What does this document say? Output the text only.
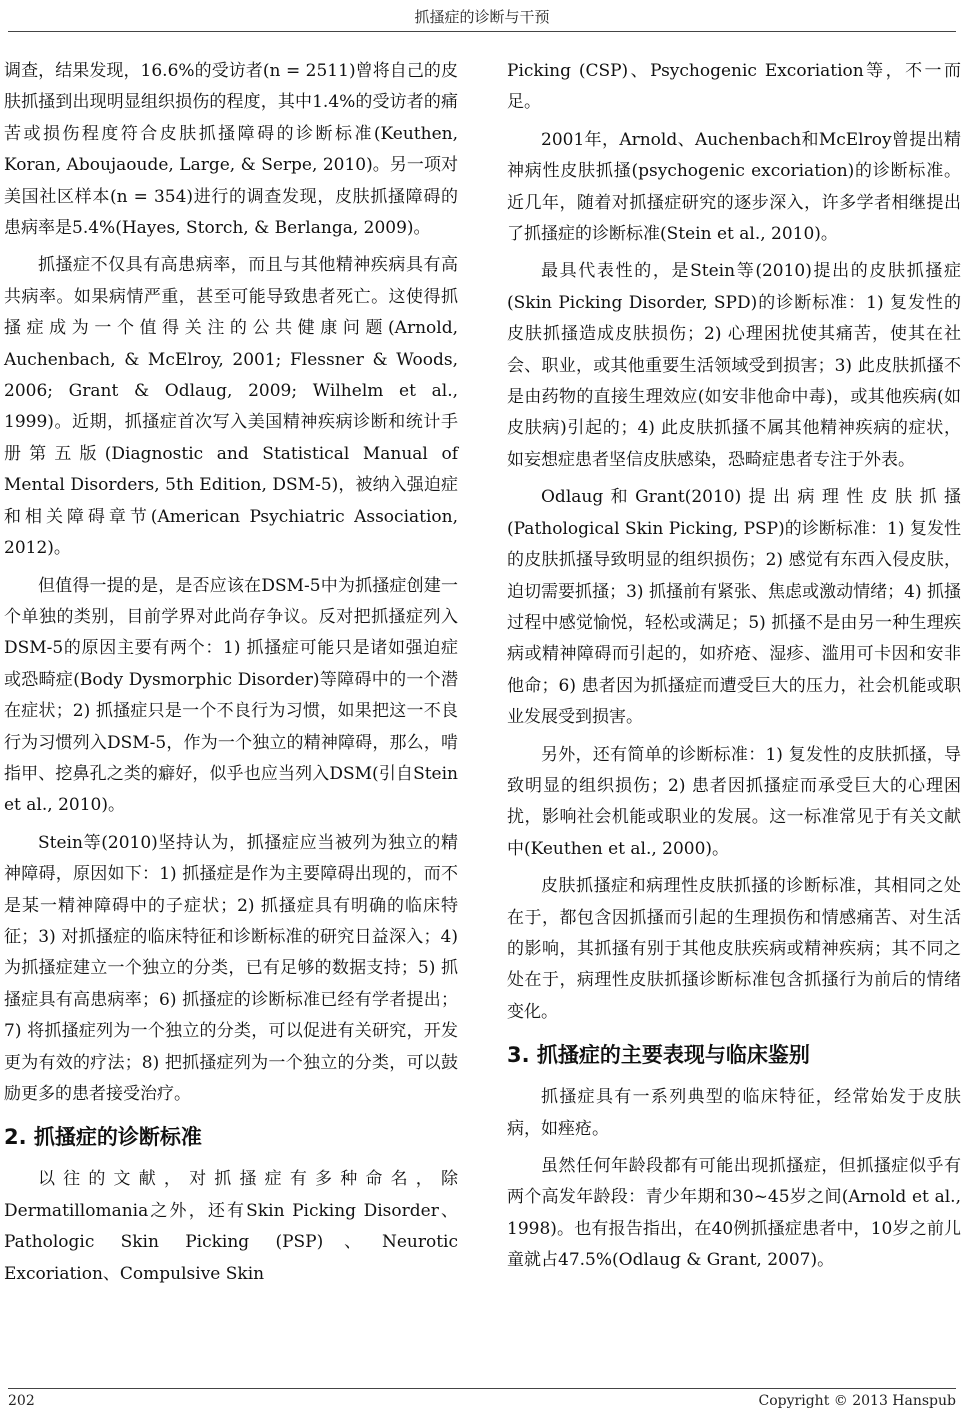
抓搔症的诊断与干预

调查，结果发现，16.6%的受访者(n = 2511)曾将自己的皮肤抓搔到出现明显组织损伤的程度，其中1.4%的受访者的痛苦或损伤程度符合皮肤抓搔障碍的诊断标准(Keuthen, Koran, Aboujaoude, Large, & Serpe, 2010)。另一项对美国社区样本(n = 354)进行的调查发现，皮肤抓搔障碍的患病率是5.4%(Hayes, Storch, & Berlanga, 2009)。

抓搔症不仅具有高患病率，而且与其他精神疾病具有高共病率。如果病情严重，甚至可能导致患者死亡。这使得抓搔症成为一个值得关注的公共健康问题(Arnold, Auchenbach, & McElroy, 2001; Flessner & Woods, 2006; Grant & Odlaug, 2009; Wilhelm et al., 1999)。近期，抓搔症首次写入美国精神疾病诊断和统计手册第五版(Diagnostic and Statistical Manual of Mental Disorders, 5th Edition, DSM-5)，被纳入强迫症和相关障碍章节(American Psychiatric Association, 2012)。

但值得一提的是，是否应该在DSM-5中为抓搔症创建一个单独的类别，目前学界对此尚存争议。反对把抓搔症列入DSM-5的原因主要有两个：1) 抓搔症可能只是诸如强迫症或恐畸症(Body Dysmorphic Disorder)等障碍中的一个潜在症状；2) 抓搔症只是一个不良行为习惯，如果把这一不良行为习惯列入DSM-5，作为一个独立的精神障碍，那么，啃指甲、挖鼻孔之类的癖好，似乎也应当列入DSM(引自Stein et al., 2010)。

Stein等(2010)坚持认为，抓搔症应当被列为独立的精神障碍，原因如下：1) 抓搔症是作为主要障碍出现的，而不是某一精神障碍中的子症状；2) 抓搔症具有明确的临床特征；3) 对抓搔症的临床特征和诊断标准的研究日益深入；4) 为抓搔症建立一个独立的分类，已有足够的数据支持；5) 抓搔症具有高患病率；6) 抓搔症的诊断标准已经有学者提出；7) 将抓搔症列为一个独立的分类，可以促进有关研究，开发更为有效的疗法；8) 把抓搔症列为一个独立的分类，可以鼓励更多的患者接受治疗。

2. 抓搔症的诊断标准

以往的文献，对抓搔症有多种命名，除Dermatillomania之外，还有Skin Picking Disorder、Pathologic Skin Picking (PSP)、Neurotic Excoriation、Compulsive Skin

Picking (CSP)、Psychogenic Excoriation等，不一而足。

2001年，Arnold、Auchenbach和McElroy曾提出精神病性皮肤抓搔(psychogenic excoriation)的诊断标准。近几年，随着对抓搔症研究的逐步深入，许多学者相继提出了抓搔症的诊断标准(Stein et al., 2010)。

最具代表性的，是Stein等(2010)提出的皮肤抓搔症(Skin Picking Disorder, SPD)的诊断标准：1) 复发性的皮肤抓搔造成皮肤损伤；2) 心理困扰使其痛苦，使其在社会、职业，或其他重要生活领域受到损害；3) 此皮肤抓搔不是由药物的直接生理效应(如安非他命中毒)，或其他疾病(如皮肤病)引起的；4) 此皮肤抓搔不属其他精神疾病的症状，如妄想症患者坚信皮肤感染，恐畸症患者专注于外表。

Odlaug和Grant(2010)提出病理性皮肤抓搔(Pathological Skin Picking, PSP)的诊断标准：1) 复发性的皮肤抓搔导致明显的组织损伤；2) 感觉有东西入侵皮肤，迫切需要抓搔；3) 抓搔前有紧张、焦虑或激动情绪；4) 抓搔过程中感觉愉悦，轻松或满足；5) 抓搔不是由另一种生理疾病或精神障碍而引起的，如疥疮、湿疹、滥用可卡因和安非他命；6) 患者因为抓搔症而遭受巨大的压力，社会机能或职业发展受到损害。

另外，还有简单的诊断标准：1) 复发性的皮肤抓搔，导致明显的组织损伤；2) 患者因抓搔症而承受巨大的心理困扰，影响社会机能或职业的发展。这一标准常见于有关文献中(Keuthen et al., 2000)。

皮肤抓搔症和病理性皮肤抓搔的诊断标准，其相同之处在于，都包含因抓搔而引起的生理损伤和情感痛苦、对生活的影响，其抓搔有别于其他皮肤疾病或精神疾病；其不同之处在于，病理性皮肤抓搔诊断标准包含抓搔行为前后的情绪变化。

3. 抓搔症的主要表现与临床鉴别

抓搔症具有一系列典型的临床特征，经常始发于皮肤病，如痤疮。

虽然任何年龄段都有可能出现抓搔症，但抓搔症似乎有两个高发年龄段：青少年期和30~45岁之间(Arnold et al., 1998)。也有报告指出，在40例抓搔症患者中，10岁之前儿童就占47.5%(Odlaug & Grant, 2007)。

202	Copyright © 2013 Hanspub
